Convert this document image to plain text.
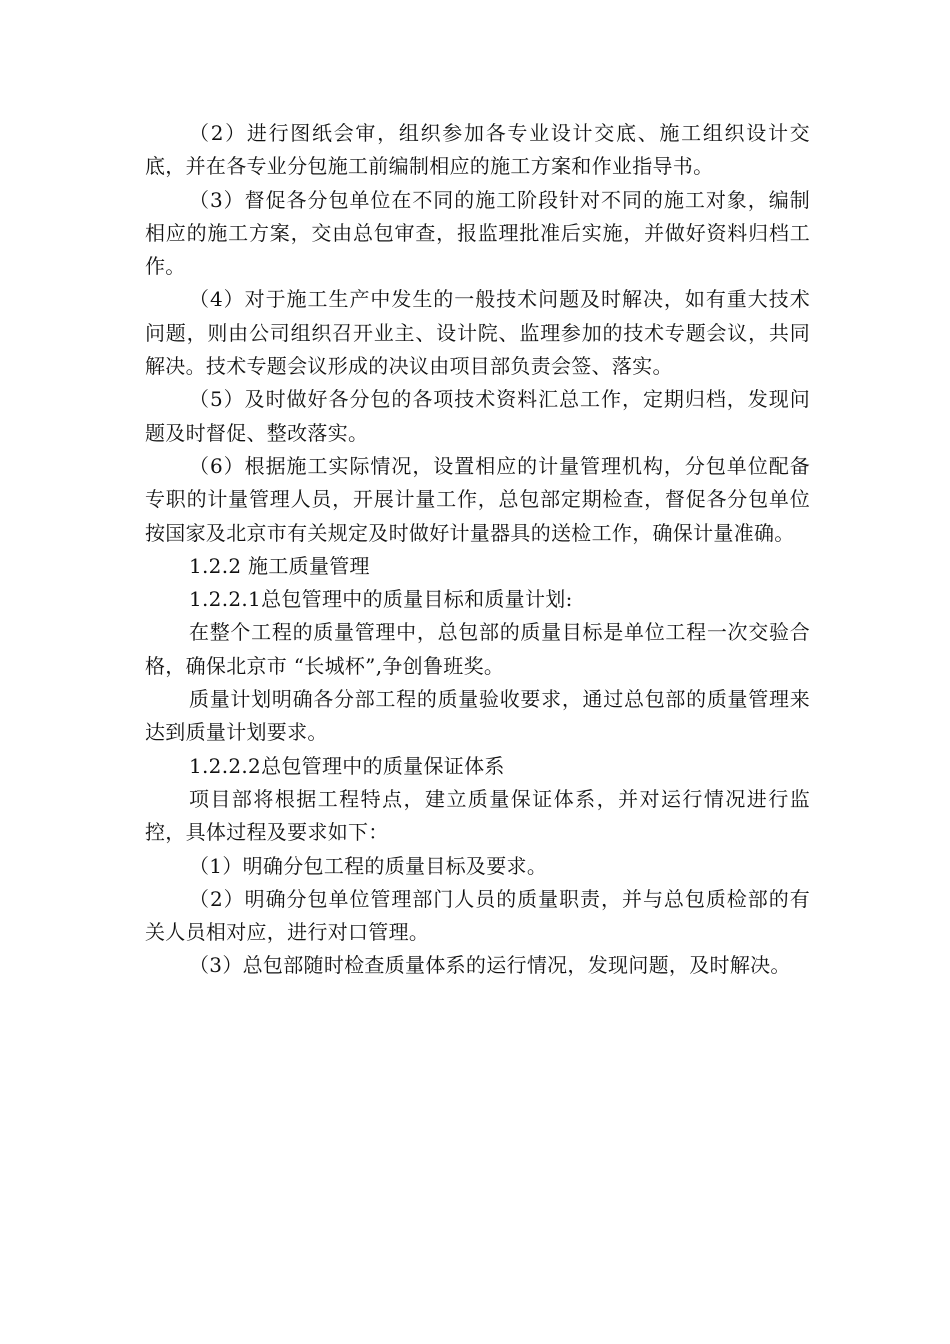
（2）进行图纸会审，组织参加各专业设计交底、施工组织设计交底，并在各专业分包施工前编制相应的施工方案和作业指导书。

（3）督促各分包单位在不同的施工阶段针对不同的施工对象，编制相应的施工方案，交由总包审查，报监理批准后实施，并做好资料归档工作。

（4）对于施工生产中发生的一般技术问题及时解决，如有重大技术问题，则由公司组织召开业主、设计院、监理参加的技术专题会议，共同解决。技术专题会议形成的决议由项目部负责会签、落实。

（5）及时做好各分包的各项技术资料汇总工作，定期归档，发现问题及时督促、整改落实。

（6）根据施工实际情况，设置相应的计量管理机构，分包单位配备专职的计量管理人员，开展计量工作，总包部定期检查，督促各分包单位按国家及北京市有关规定及时做好计量器具的送检工作，确保计量准确。

1.2.2 施工质量管理

1.2.2.1总包管理中的质量目标和质量计划:

在整个工程的质量管理中，总包部的质量目标是单位工程一次交验合格，确保北京市 “长城杯”,争创鲁班奖。

质量计划明确各分部工程的质量验收要求，通过总包部的质量管理来达到质量计划要求。

1.2.2.2总包管理中的质量保证体系

项目部将根据工程特点，建立质量保证体系，并对运行情况进行监控，具体过程及要求如下：

（1）明确分包工程的质量目标及要求。

（2）明确分包单位管理部门人员的质量职责，并与总包质检部的有关人员相对应，进行对口管理。

（3）总包部随时检查质量体系的运行情况，发现问题，及时解决。
